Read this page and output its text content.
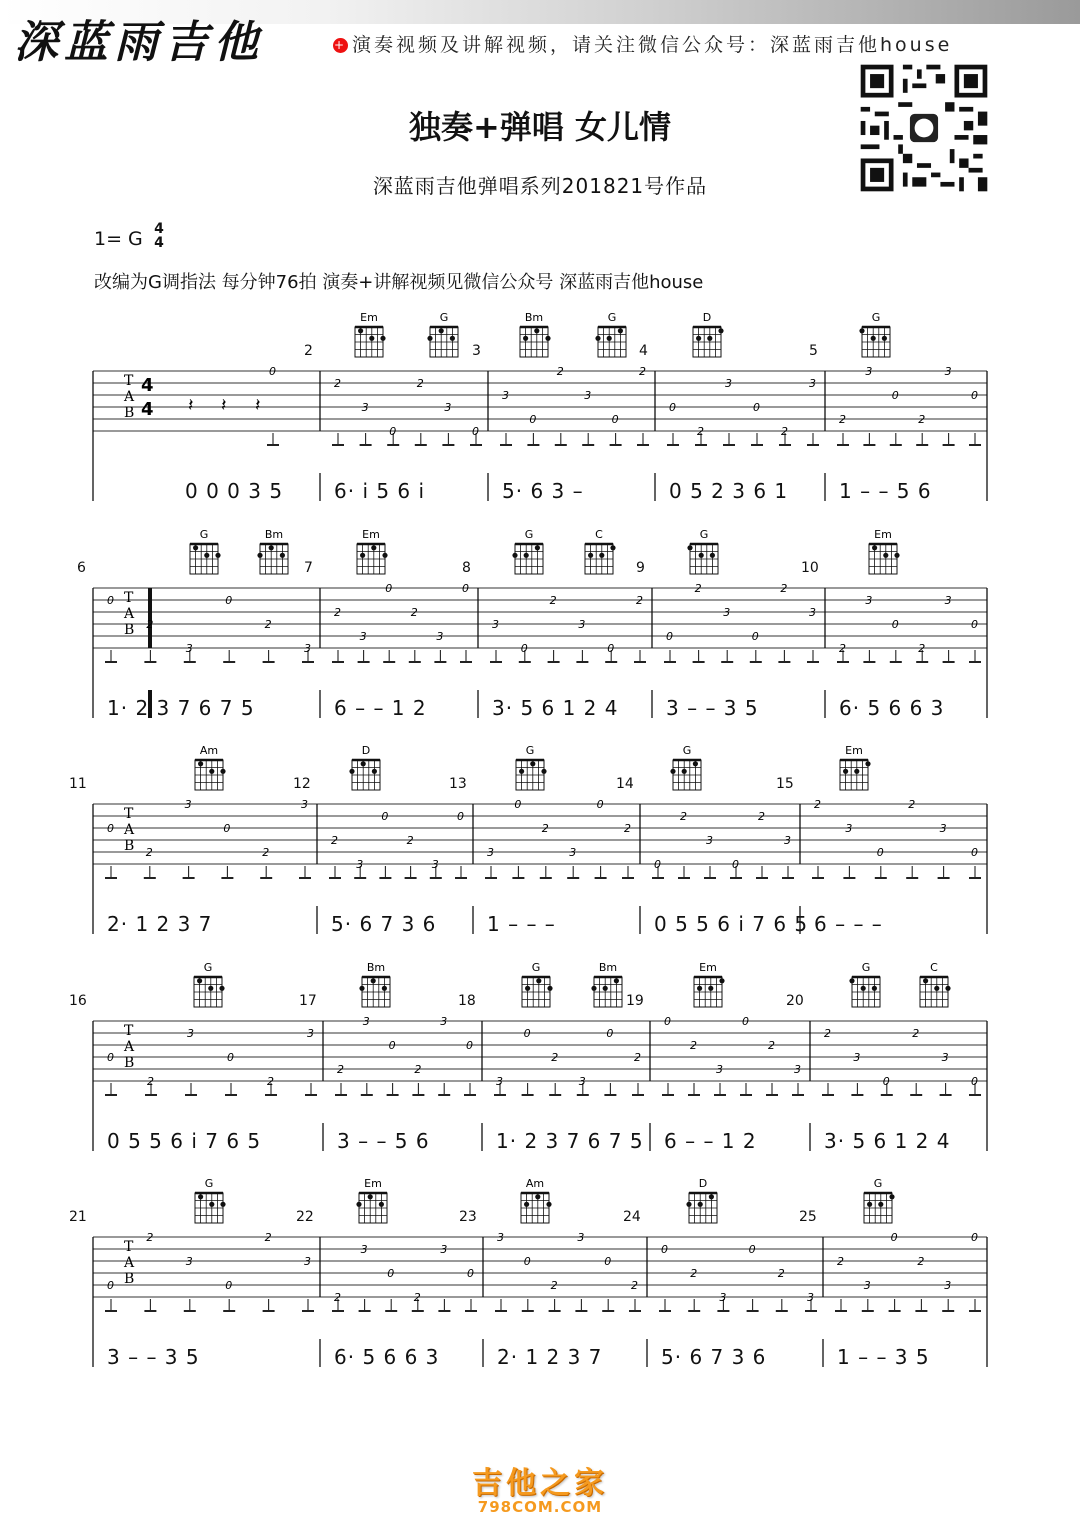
深蓝雨吉他	+ 演奏视频及讲解视频，请关注微信公众号：深蓝雨吉他house
独奏+弹唱 女儿情
深蓝雨吉他弹唱系列201821号作品
1= G 4
4
改编为G调指法 每分钟76拍 演奏+讲解视频见微信公众号 深蓝雨吉他house
T
A
B
4
4
0
2
3
0
2
3
0
3
0
2
3
0
2
0
2
3
0
2
3
2
3
0
2
3
0
𝄽 𝄽 𝄽
Em	G	Bm	G	D	G
2	3	4	5
0 0 0 3 5	6· i 5 6 i	5· 6 3 –	0 5 2 3 6 1	1 – – 5 6
T
A
B
0
2
3
0
2
3
2
3
0
2
3
0
3
0
2
3
0
2
0
2
3
0
2
3
2
3
0
2
3
0
G	Bm	Em	G	C	G	Em
6	7	8	9	10
1· 2 3 7 6 7 5	6 – – 1 2	3· 5 6 1 2 4 3 – – 3 5	6· 5 6 6 3
T
A
B
0
2
3
0
2
3
2
3
0
2
3
0
3
0
2
3
0
2
0
2
3
0
2
3
2
3
0
2
3
0
Am	D	G	G	Em
11	12	13	14	15
2· 1 2 3 7	5· 6 7 3 6	1 – – –	0 5 5 6 i 7 6 5 6 – – –
T
A
B
0
2
3
0
2
3
2
3
0
2
3
0
3
0
2
3
0
2
0
2
3
0
2
3
2
3
0
2
3
0
G	Bm	G	Bm	Em	G	C
16	17	18	19	20
0 5 5 6 i 7 6 5	3 – – 5 6	1· 2 3 7 6 7 5 6 – – 1 2	3· 5 6 1 2 4
T
A
B
0
2
3
0
2
3
2
3
0
2
3
0
3
0
2
3
0
2
0
2
3
0
2
3
2
3
0
2
3
0
G	Em	Am	D	G
21	22	23	24	25
3 – – 3 5	6· 5 6 6 3	2· 1 2 3 7	5· 6 7 3 6	1 – – 3 5
吉他之家
798COM.COM
